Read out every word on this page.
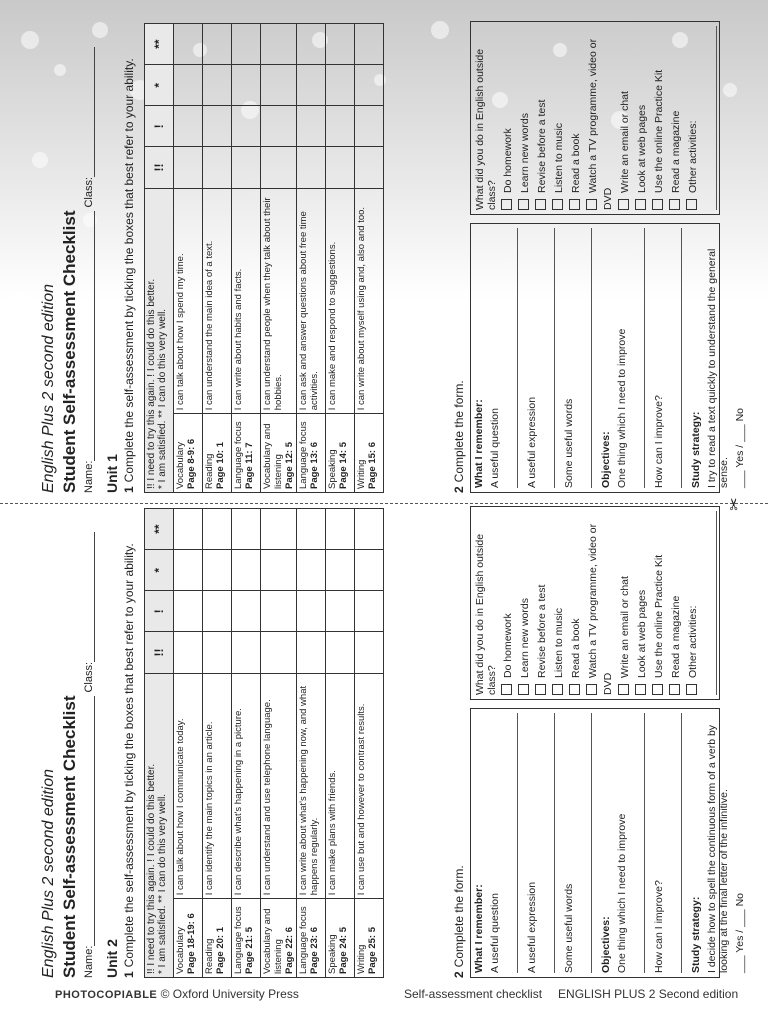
English Plus 2 second edition Student Self-assessment Checklist Name: Class:
Unit 1 1Complete the self-assessment by ticking the boxes that best refer to your ability. !! I need to try this again. ! I could do this better. * I am satisfied. ** I can do this very well.		!!	!	*	**
Vocabulary
Page 8-9: 6	I can talk about how I spend my time.				
Reading
Page 10: 1	I can understand the main idea of a text.				
Language focus
Page 11: 7	I can write about habits and facts.				
Vocabulary and listening
Page 12: 5	I can understand people when they talk about their hobbies.				
Language focus
Page 13: 6	I can ask and answer questions about free time activities.				
Speaking
Page 14: 5	I can make and respond to suggestions.				
Writing
Page 15: 6	I can write about myself using and, also and too.				
2Complete the form. What I remember: A useful question A useful expression Some useful words Objectives: One thing which I need to improve How can I improve? Study strategy: I try to read a text quickly to understand the general sense. ___ Yes / ___ No
What did you do in English outside class?
Do homework Learn new words Revise before a test Listen to music Read a book Watch a TV programme, video or DVD
Write an email or chat Look at web pages Use the online Practice Kit Read a magazine Other activities:
English Plus 2 second edition Student Self-assessment Checklist Name: Class:
Unit 2 1Complete the self-assessment by ticking the boxes that best refer to your ability. !! I need to try this again. ! I could do this better. * I am satisfied. ** I can do this very well.		!!	!	*	**
Vocabulary
Page 18-19: 6	I can talk about how I communicate today.				
Reading
Page 20: 1	I can identify the main topics in an article.				
Language focus
Page 21: 5	I can describe what's happening in a picture.				
Vocabulary and listening
Page 22: 6	I can understand and use telephone language.				
Language focus
Page 23: 6	I can write about what's happening now, and what happens regularly.				
Speaking
Page 24: 5	I can make plans with friends.				
Writing
Page 25: 5	I can use but and however to contrast results.				
2Complete the form. What I remember: A useful question A useful expression Some useful words Objectives: One thing which I need to improve How can I improve? Study strategy: I decide how to spell the continuous form of a verb by looking at the final letter of the infinitive. ___ Yes / ___ No
What did you do in English outside class?
Do homework Learn new words Revise before a test Listen to music Read a book Watch a TV programme, video or DVD
Write an email or chat Look at web pages Use the online Practice Kit Read a magazine Other activities:
✂
PHOTOCOPIABLE © Oxford University Press	Self-assessment checklist ENGLISH PLUS 2 Second edition
